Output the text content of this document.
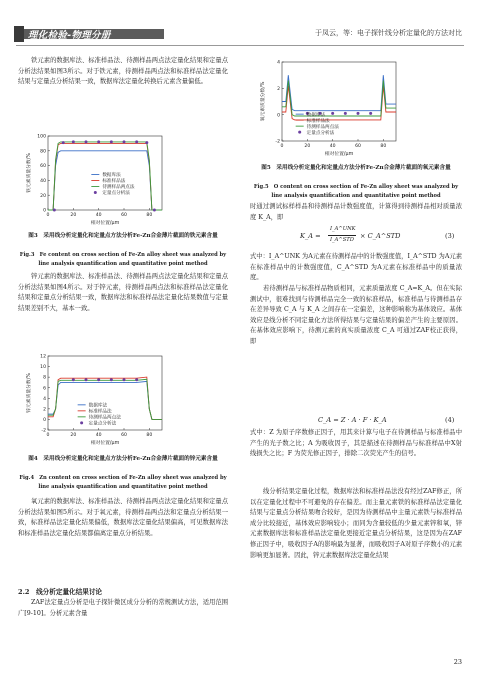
理化检验-物理分册	于凤云，等：电子探针线分析定量化的方法对比
铁元素的数据库法、标准样品法、待测样品两点法定量化结果和定量点分析法结果如图3所示。对于铁元素，待测样品两点法和标准样品法定量化结果与定量点分析结果一致，数据库法定量化转换后元素含量偏低。
0	20	40	60	80
0
20
40
60
80
100
相对位置/μm
铁元素质量分数/%	数据库法
标准样品法
待测样品两点法
定量点分析法
图3　采用线分析定量化和定量点方法分析Fe-Zn合金薄片截面的铁元素含量
Fig.3　Fe content on cross section of Fe-Zn alloy sheet was analyzed by line analysis quantification and quantitative point method
锌元素的数据库法、标准样品法、待测样品两点法定量化结果和定量点分析法结果如图4所示。对于锌元素，待测样品两点法和标准样品法定量化结果和定量点分析结果一致，数据库法和标准样品法定量化结果数值与定量结果差别不大，基本一致。
0	20	40	60	80
-2
0
2
4
6
8
10
12
相对位置/μm
锌元素质量分数/%	数据库法
标准样品法
待测样品两点法
定量点分析法
图4　采用线分析定量化和定量点方法分析Fe-Zn合金薄片截面的锌元素含量
Fig.4　Zn content on cross section of Fe-Zn alloy sheet was analyzed by line analysis quantification and quantitative point method
氧元素的数据库法、标准样品法、待测样品两点法定量化结果和定量点分析法结果如图5所示。对于氧元素，待测样品两点法和定量点分析结果一致，标准样品法定量化结果偏低，数据库法定量化结果偏高，可见数据库法和标准样品法定量化结果都偏离定量点分析结果。
2.2　线分析定量化结果讨论
ZAF法定量点分析是电子探针微区成分分析的常规测试方法，适用范围广[9-10]。分析元素含量
0	20	40	60	80
-2
0
2
4
相对位置/μm
氧元素质量分数/%	数据库法
标准样品法
待测样品两点法
定量点分析法
图5　采用线分析定量化和定量点方法分析Fe-Zn合金薄片截面的氧元素含量
Fig.5　O content on cross section of Fe-Zn alloy sheet was analyzed by line analysis quantification and quantitative point method
时通过测试标样样品和待测样品计数强度值，计算得到待测样品相对质量浓度 K_A，即
K_A =
I_A^UNK
I_A^STD × C_A^STD	(3)
式中：I_A^UNK 为A元素在待测样品中的计数强度值，I_A^STD 为A元素在标准样品中的计数强度值，C_A^STD 为A元素在标准样品中的质量浓度。
若待测样品与标准样品物质相同，元素质量浓度 C_A=K_A。但在实际测试中，很难找到与待测样品完全一致的标准样品，标准样品与待测样品存在差异导致 C_A 与 K_A 之间存在一定偏差，这种影响称为基体效应。基体效应是线分析不同定量化方法所得结果与定量结果的偏差产生的主要原因。在基体效应影响下，待测元素的真实质量浓度 C_A 可通过ZAF校正获得，即
C_A = Z · A · F · K_A	(4)
式中：Z 为原子序数修正因子，用其来计算与电子在待测样品与标准样品中产生的光子数之比；A 为吸收因子，其是描述在待测样品与标准样品中X射线损失之比；F 为荧光修正因子，排除二次荧光产生的信号。
线分析结果定量化过程，数据库法和标准样品法没有经过ZAF修正，所以在定量化过程中不可避免的存在偏差。而主量元素铁的标准样品法定量化结果与定量点分析结果吻合较好，是因为待测样品中主量元素铁与标准样品成分比较接近，基体效应影响较小；而同为含量较低的少量元素锌和氧，锌元素数据库法和标准样品法定量化更接近定量点分析结果，这是因为在ZAF修正因子中，吸收因子A的影响最为显著，而吸收因子A对原子序数小的元素影响更加显著。因此，锌元素数据库法定量化结果
23
